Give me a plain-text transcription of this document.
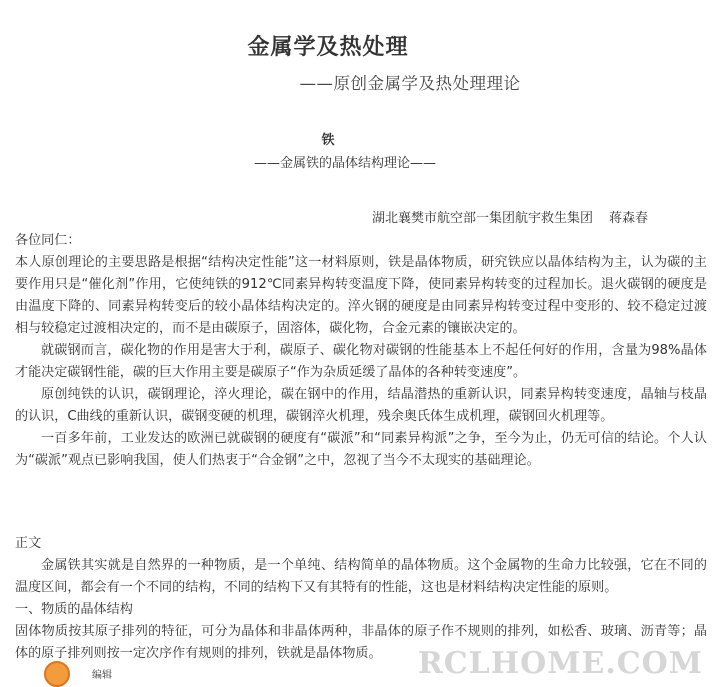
金属学及热处理
——原创金属学及热处理理论
铁
——金属铁的晶体结构理论——
湖北襄樊市航空部一集团航宇救生集团 蒋森春

各位同仁：

本人原创理论的主要思路是根据“结构决定性能”这一材料原则，铁是晶体物质，研究铁应以晶体结构为主，认为碳的主要作用只是“催化剂”作用，它使纯铁的912℃同素异构转变温度下降，使同素异构转变的过程加长。退火碳钢的硬度是由温度下降的、同素异构转变后的较小晶体结构决定的。淬火钢的硬度是由同素异构转变过程中变形的、较不稳定过渡相与较稳定过渡相决定的，而不是由碳原子，固溶体，碳化物，合金元素的镶嵌决定的。

就碳钢而言，碳化物的作用是害大于利，碳原子、碳化物对碳钢的性能基本上不起任何好的作用，含量为98%晶体才能决定碳钢性能，碳的巨大作用主要是碳原子“作为杂质延缓了晶体的各种转变速度”。

原创纯铁的认识，碳钢理论，淬火理论，碳在钢中的作用，结晶潜热的重新认识，同素异构转变速度，晶轴与枝晶的认识，C曲线的重新认识，碳钢变硬的机理，碳钢淬火机理，残余奥氏体生成机理，碳钢回火机理等。

一百多年前，工业发达的欧洲已就碳钢的硬度有“碳派”和“同素异构派”之争，至今为止，仍无可信的结论。个人认为“碳派”观点已影响我国，使人们热衷于“合金钢”之中，忽视了当今不太现实的基础理论。

正文

金属铁其实就是自然界的一种物质，是一个单纯、结构简单的晶体物质。这个金属物的生命力比较强，它在不同的温度区间，都会有一个不同的结构，不同的结构下又有其特有的性能，这也是材料结构决定性能的原则。

一、物质的晶体结构

固体物质按其原子排列的特征，可分为晶体和非晶体两种，非晶体的原子作不规则的排列，如松香、玻璃、沥青等；晶体的原子排列则按一定次序作有规则的排列，铁就是晶体物质。	RCLHOME.COM
编辑
